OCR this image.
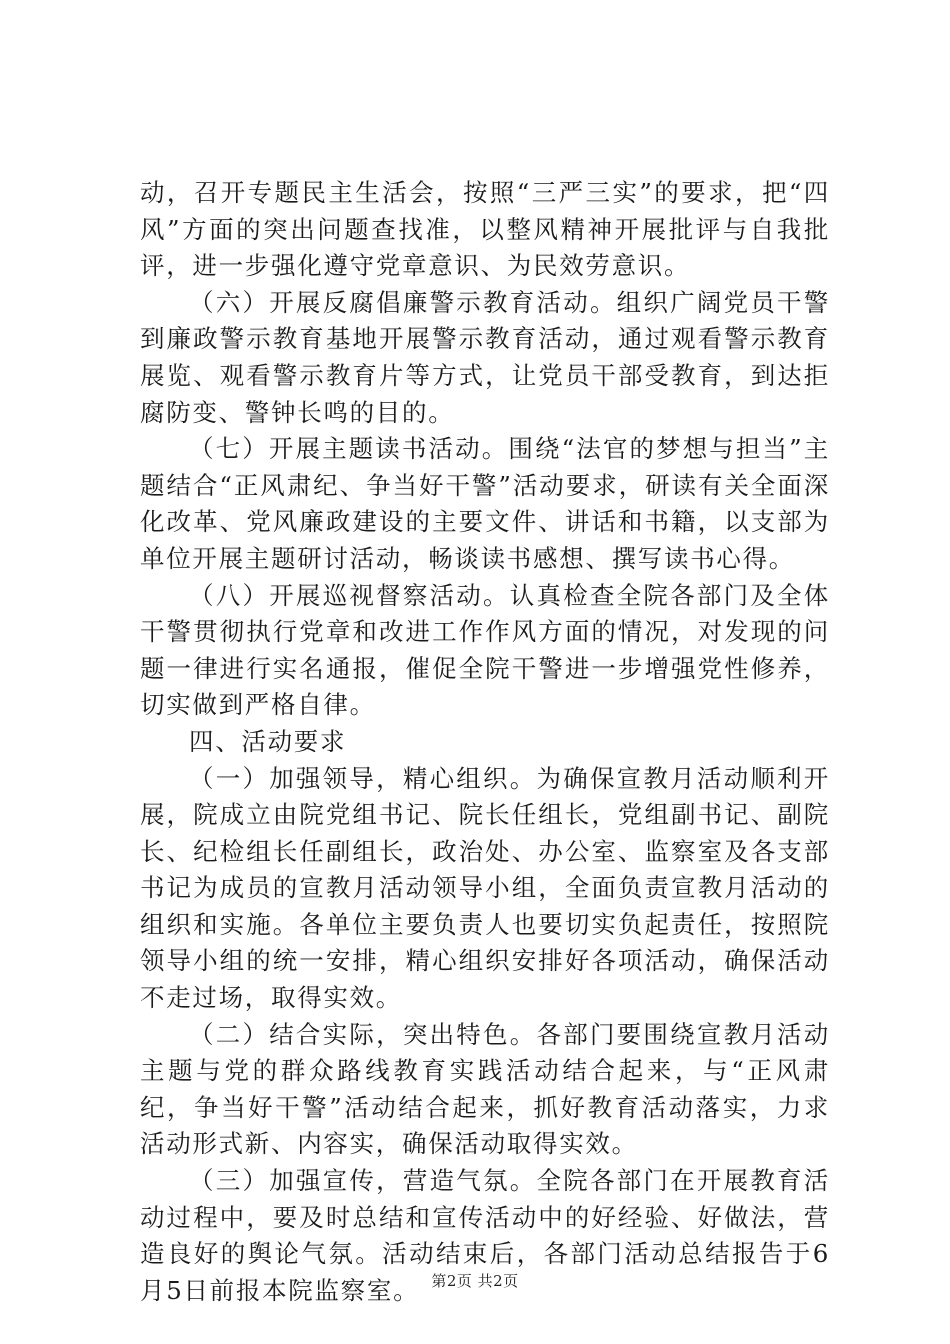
动，召开专题民主生活会，按照“三严三实”的要求，把“四风”方面的突出问题查找准，以整风精神开展批评与自我批评，进一步强化遵守党章意识、为民效劳意识。

（六）开展反腐倡廉警示教育活动。组织广阔党员干警到廉政警示教育基地开展警示教育活动，通过观看警示教育展览、观看警示教育片等方式，让党员干部受教育，到达拒腐防变、警钟长鸣的目的。

（七）开展主题读书活动。围绕“法官的梦想与担当”主题结合“正风肃纪、争当好干警”活动要求，研读有关全面深化改革、党风廉政建设的主要文件、讲话和书籍，以支部为单位开展主题研讨活动，畅谈读书感想、撰写读书心得。

（八）开展巡视督察活动。认真检查全院各部门及全体干警贯彻执行党章和改进工作作风方面的情况，对发现的问题一律进行实名通报，催促全院干警进一步增强党性修养，切实做到严格自律。

四、活动要求

（一）加强领导，精心组织。为确保宣教月活动顺利开展，院成立由院党组书记、院长任组长，党组副书记、副院长、纪检组长任副组长，政治处、办公室、监察室及各支部书记为成员的宣教月活动领导小组，全面负责宣教月活动的组织和实施。各单位主要负责人也要切实负起责任，按照院领导小组的统一安排，精心组织安排好各项活动，确保活动不走过场，取得实效。

（二）结合实际，突出特色。各部门要围绕宣教月活动主题与党的群众路线教育实践活动结合起来，与“正风肃纪，争当好干警”活动结合起来，抓好教育活动落实，力求活动形式新、内容实，确保活动取得实效。

（三）加强宣传，营造气氛。全院各部门在开展教育活动过程中，要及时总结和宣传活动中的好经验、好做法，营造良好的舆论气氛。活动结束后，各部门活动总结报告于6月5日前报本院监察室。 第2页 共2页
